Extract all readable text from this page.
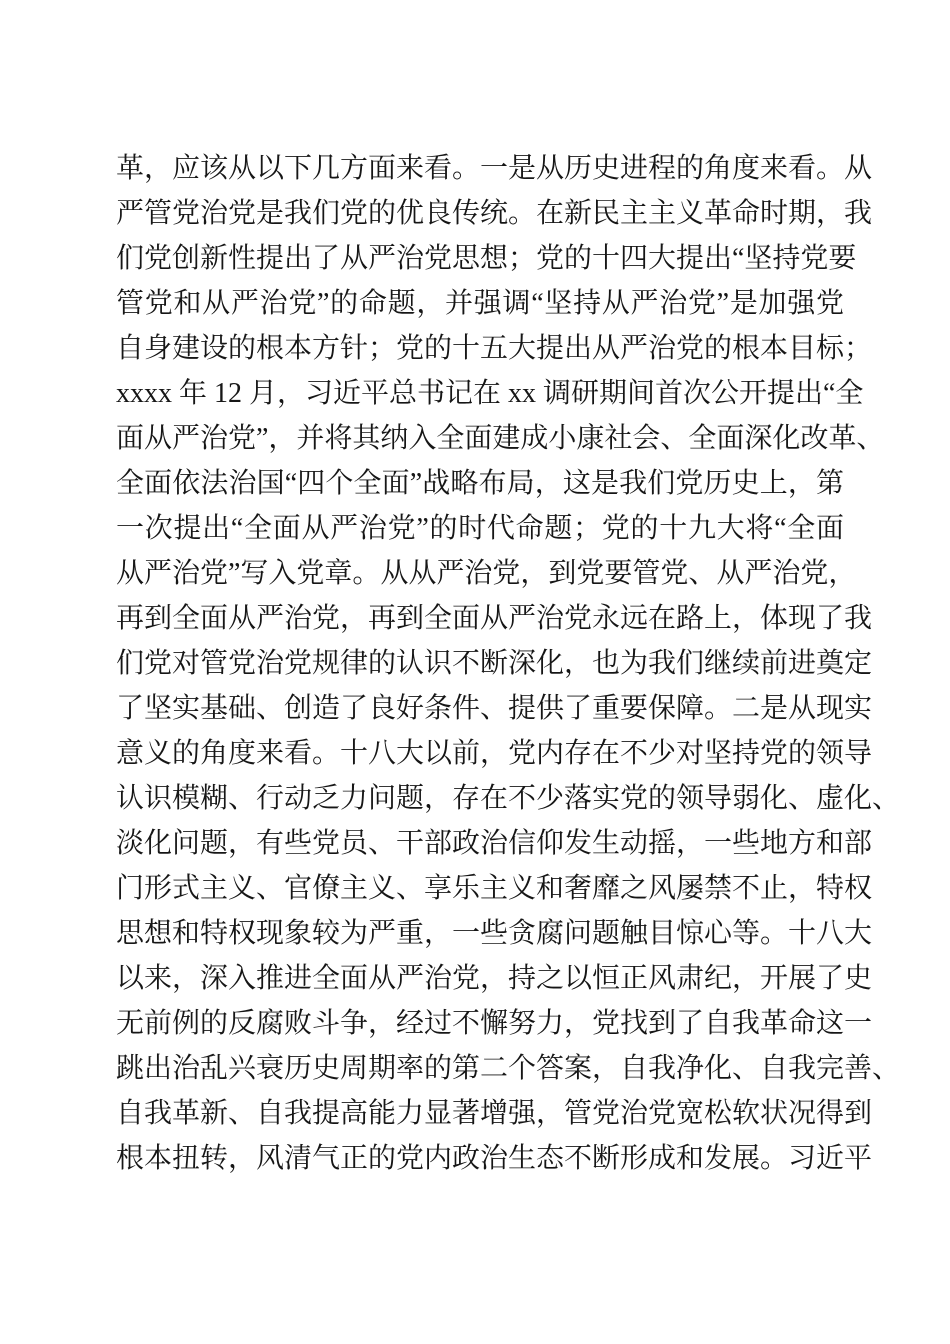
革，应该从以下几方面来看。一是从历史进程的角度来看。从
严管党治党是我们党的优良传统。在新民主主义革命时期，我
们党创新性提出了从严治党思想；党的十四大提出“坚持党要
管党和从严治党”的命题，并强调“坚持从严治党”是加强党
自身建设的根本方针；党的十五大提出从严治党的根本目标；
xxxx 年 12 月，习近平总书记在 xx 调研期间首次公开提出“全
面从严治党”，并将其纳入全面建成小康社会、全面深化改革、
全面依法治国“四个全面”战略布局，这是我们党历史上，第
一次提出“全面从严治党”的时代命题；党的十九大将“全面
从严治党”写入党章。从从严治党，到党要管党、从严治党，
再到全面从严治党，再到全面从严治党永远在路上，体现了我
们党对管党治党规律的认识不断深化，也为我们继续前进奠定
了坚实基础、创造了良好条件、提供了重要保障。二是从现实
意义的角度来看。十八大以前，党内存在不少对坚持党的领导
认识模糊、行动乏力问题，存在不少落实党的领导弱化、虚化、
淡化问题，有些党员、干部政治信仰发生动摇，一些地方和部
门形式主义、官僚主义、享乐主义和奢靡之风屡禁不止，特权
思想和特权现象较为严重，一些贪腐问题触目惊心等。十八大
以来，深入推进全面从严治党，持之以恒正风肃纪，开展了史
无前例的反腐败斗争，经过不懈努力，党找到了自我革命这一
跳出治乱兴衰历史周期率的第二个答案，自我净化、自我完善、
自我革新、自我提高能力显著增强，管党治党宽松软状况得到
根本扭转，风清气正的党内政治生态不断形成和发展。习近平
